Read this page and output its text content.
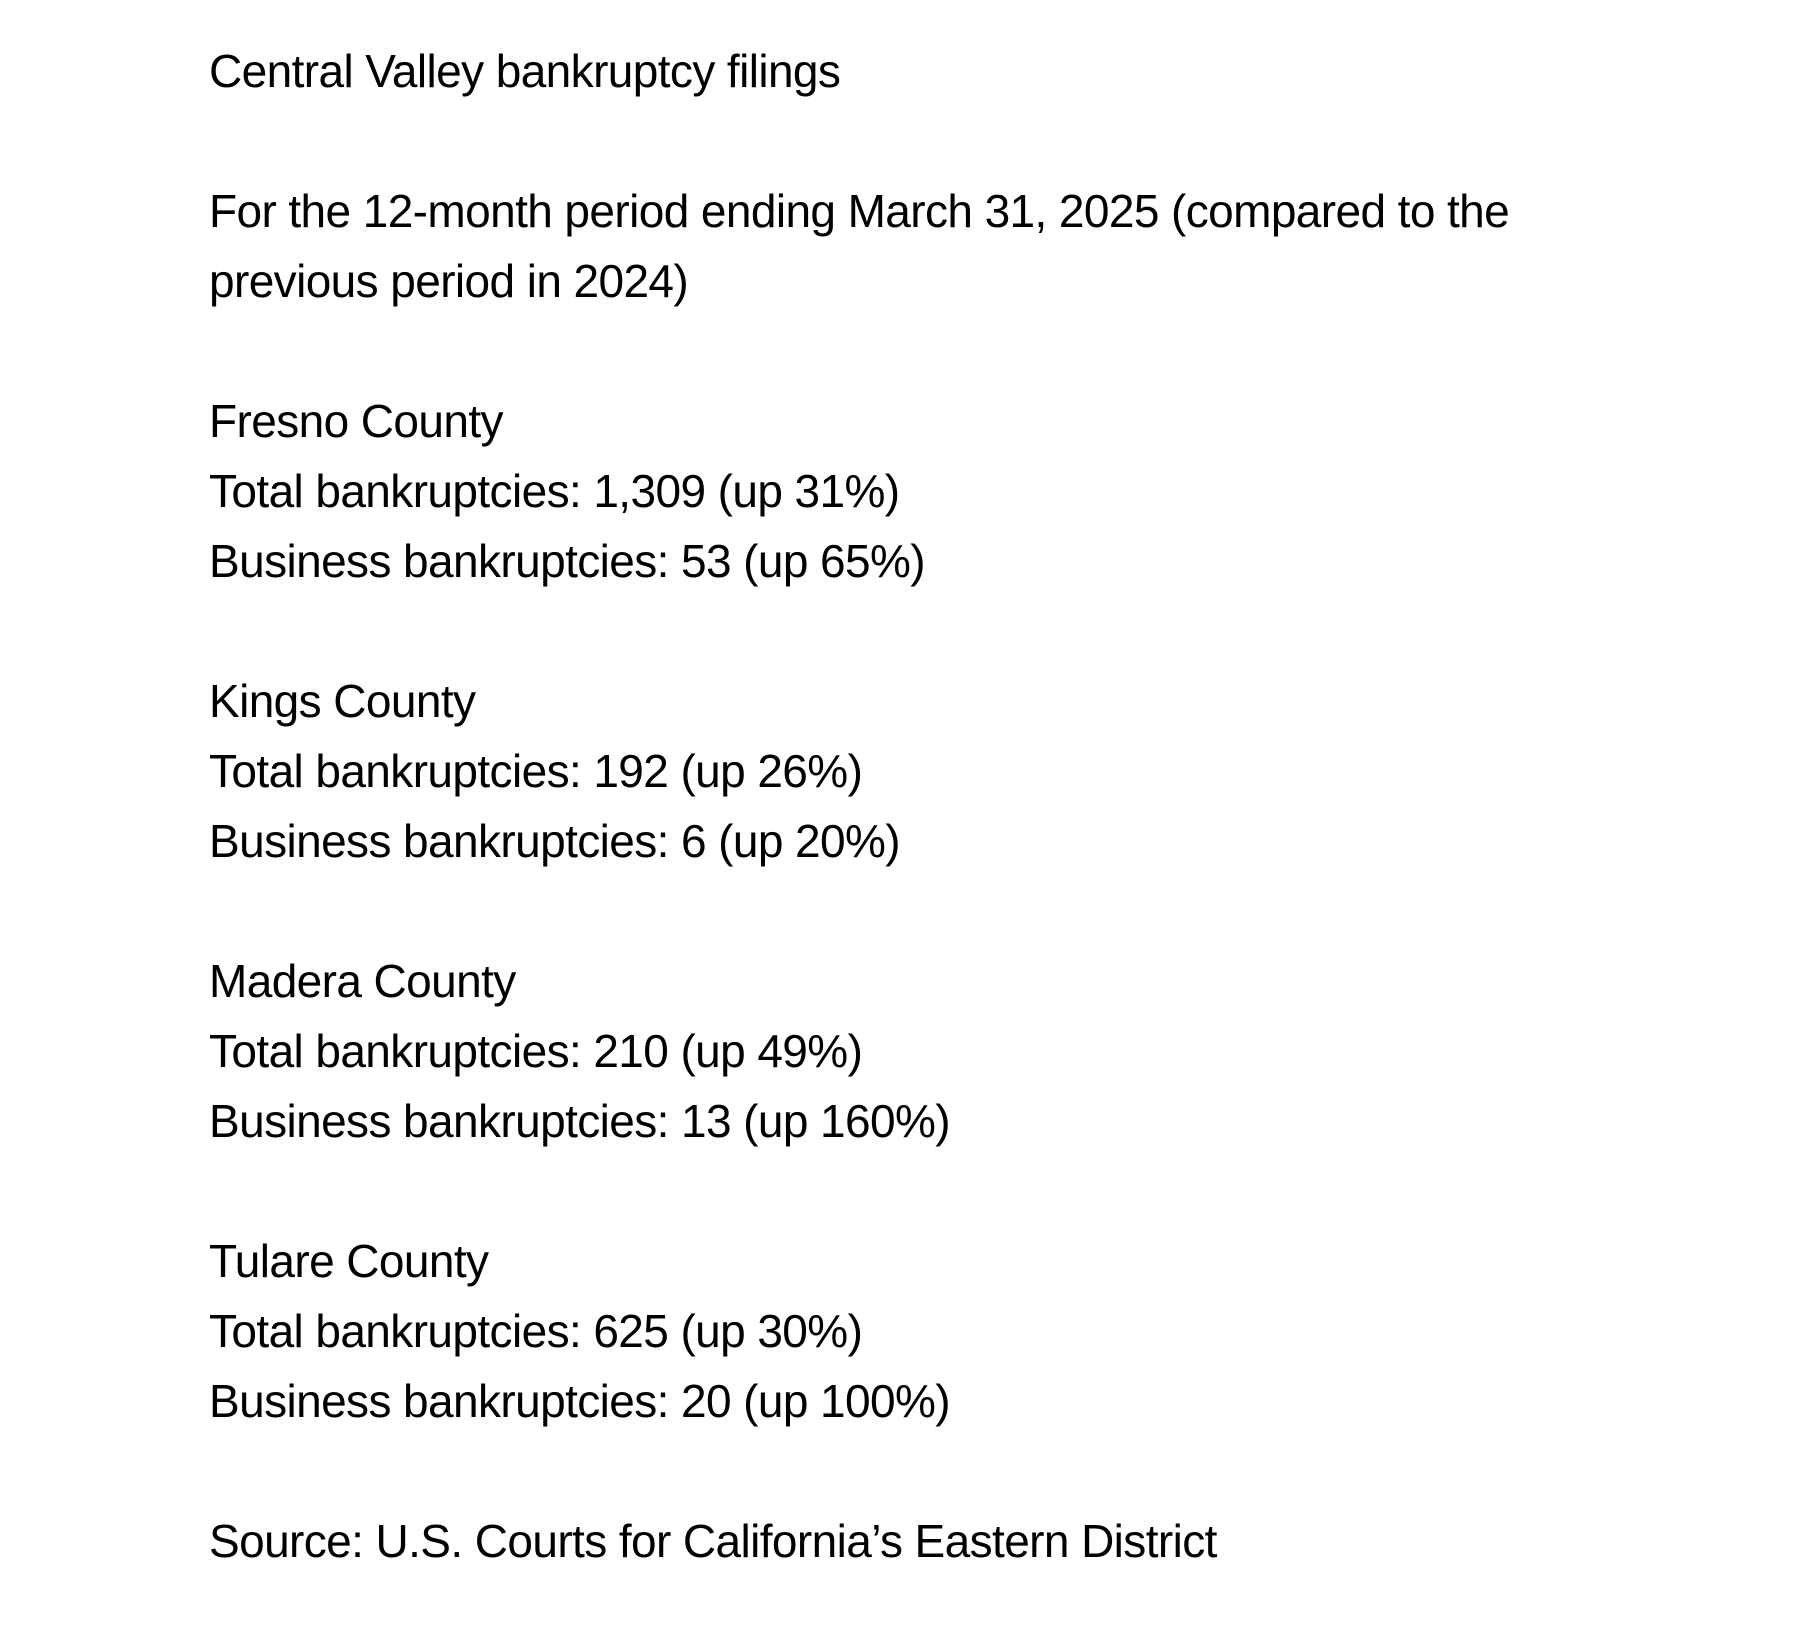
Central Valley bankruptcy filings

For the 12-month period ending March 31, 2025 (compared to the previous period in 2024)

Fresno County

Total bankruptcies: 1,309 (up 31%)

Business bankruptcies: 53 (up 65%)

Kings County

Total bankruptcies: 192 (up 26%)

Business bankruptcies: 6 (up 20%)

Madera County

Total bankruptcies: 210 (up 49%)

Business bankruptcies: 13 (up 160%)

Tulare County

Total bankruptcies: 625 (up 30%)

Business bankruptcies: 20 (up 100%)

Source: U.S. Courts for California’s Eastern District
